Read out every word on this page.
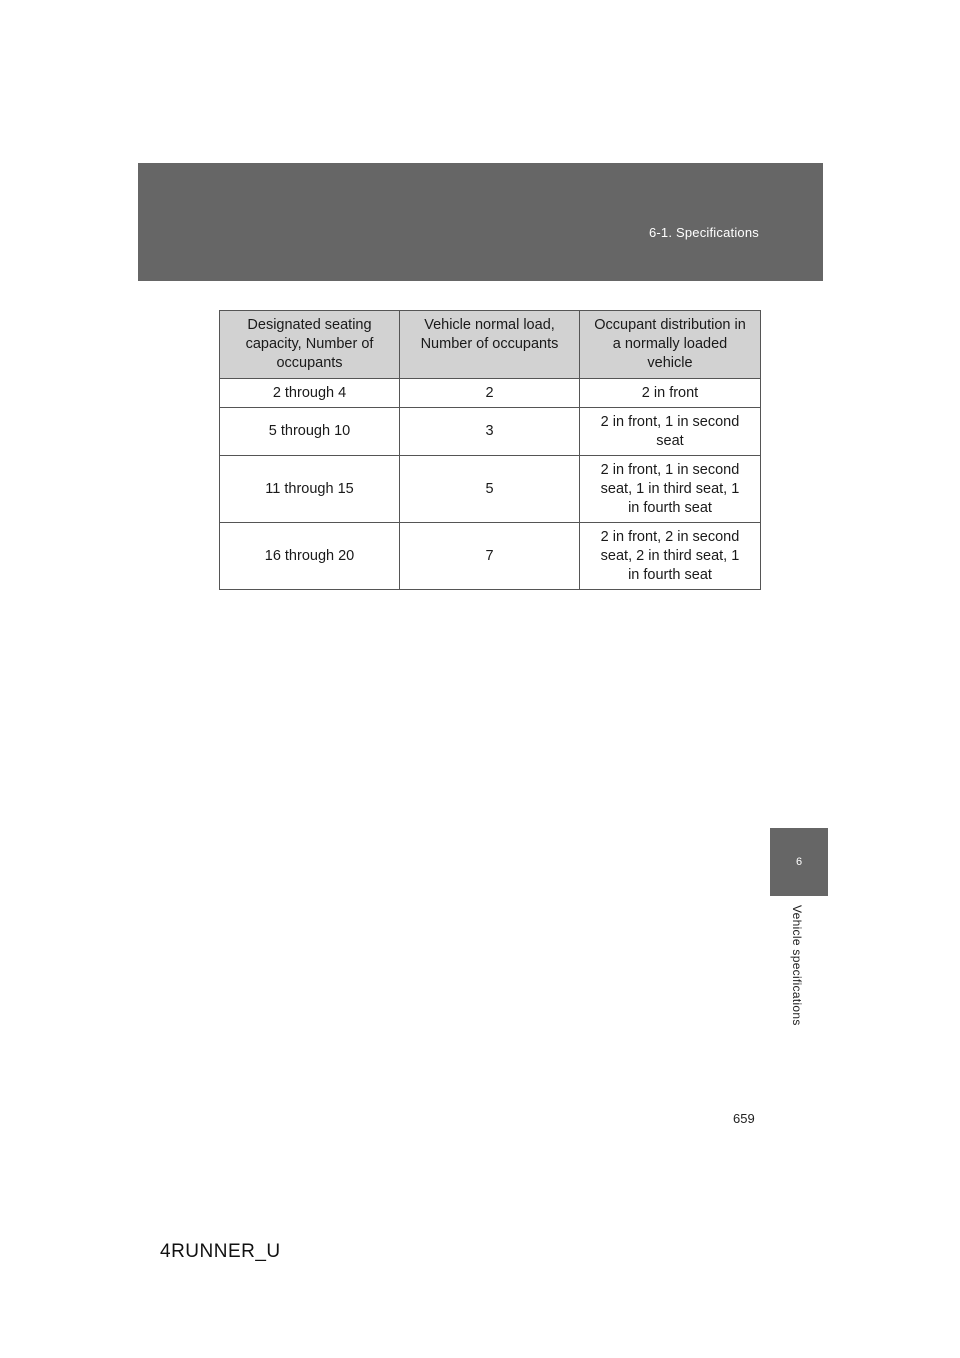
6-1. Specifications
Designated seating
capacity, Number of
occupants	Vehicle normal load,
Number of occupants	Occupant distribution in
a normally loaded
vehicle
2 through 4	2	2 in front
5 through 10	3	2 in front, 1 in second
seat
11 through 15	5	2 in front, 1 in second
seat, 1 in third seat, 1
in fourth seat
16 through 20	7	2 in front, 2 in second
seat, 2 in third seat, 1
in fourth seat
6
Vehicle specifications
659
4RUNNER_U
